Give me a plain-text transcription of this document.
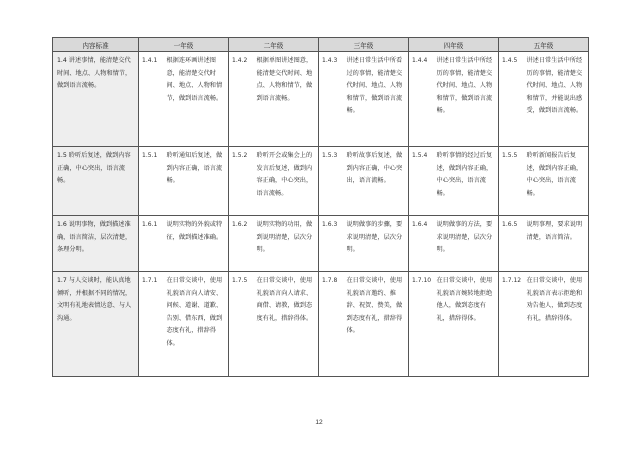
内容标准	一年级		二年级		三年级		四年级		五年级	
1.4 讲述事情，能清楚交代时间、地点、人物和情节，做到语言流畅。	1.4.1	根据连环画讲述图意，能清楚交代时间、地点、人物和情节，做到语言流畅。	1.4.2	根据单图讲述图意，能清楚交代时间、地点、人物和情节，做到语言流畅。	1.4.3	讲述日常生活中所看过的事情，能清楚交代时间、地点、人物和情节，做到语言流畅。	1.4.4	讲述日常生活中所经历的事情，能清楚交代时间、地点、人物和情节，做到语言流畅。	1.4.5	讲述日常生活中所经历的事情，能清楚交代时间、地点、人物和情节，并能说出感受，做到语言流畅。
1.5 聆听后复述，做到内容正确，中心突出，语言流畅。	1.5.1	聆听通知后复述，做到内容正确，语言流畅。	1.5.2	聆听开会或集会上的发言后复述，做到内容正确，中心突出，语言流畅。	1.5.3	聆听故事后复述，做到内容正确，中心突出，语言流畅。	1.5.4	聆听事情的经过后复述，做到内容正确，中心突出，语言流畅。	1.5.5	聆听新闻报告后复述，做到内容正确，中心突出，语言流畅。
1.6 说明事物，做到描述准确，语言简洁，层次清楚，条理分明。	1.6.1	说明实物的外貌或特征，做到描述准确。	1.6.2	说明实物的功用，做到说明清楚，层次分明。	1.6.3	说明做事的步骤，要求说明清楚，层次分明。	1.6.4	说明做事的方法，要求说明清楚，层次分明。	1.6.5	说明事理，要求说明清楚，语言简洁。
1.7 与人交谈时，能认真地倾听，并根据不同的情况，文明有礼地表情达意、与人沟通。	1.7.1	在日常交谈中，使用礼貌语言向人请安、问候、道谢、道歉、告别、借东西，做到态度有礼，措辞得体。	1.7.5	在日常交谈中，使用礼貌语言向人请求、商借、请教，做到态度有礼，措辞得体。	1.7.8	在日常交谈中，使用礼貌语言邀约、推辞、祝贺、赞美，做到态度有礼，措辞得体。	1.7.10	在日常交谈中，使用礼貌语言婉转地拒绝他人，做到态度有礼，措辞得体。	1.7.12	在日常交谈中，使用礼貌语言表示拒绝和劝告他人，做到态度有礼，措辞得体。
12
